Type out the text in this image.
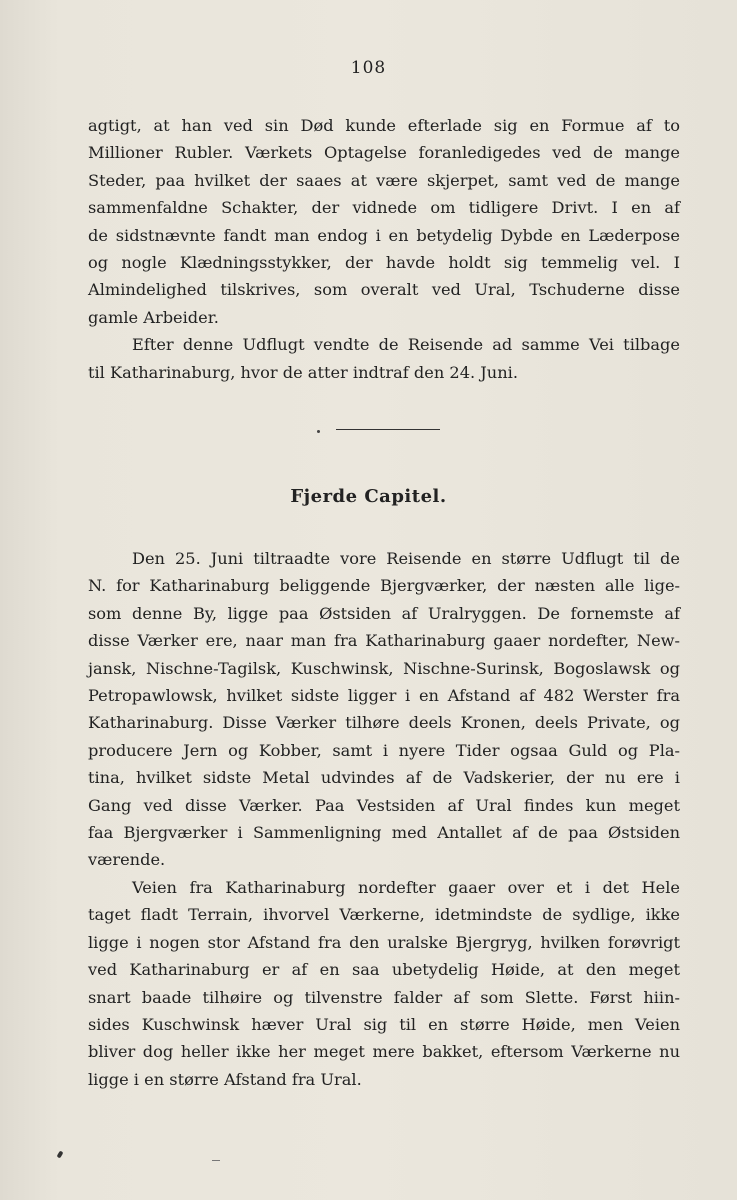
108

agtigt, at han ved sin Død kunde efterlade sig en Formue af to

Millioner Rubler. Værkets Optagelse foranledigedes ved de mange

Steder, paa hvilket der saaes at være skjerpet, samt ved de mange

sammenfaldne Schakter, der vidnede om tidligere Drivt. I en af

de sidstnævnte fandt man endog i en betydelig Dybde en Læderpose

og nogle Klædningsstykker, der havde holdt sig temmelig vel. I

Almindelighed tilskrives, som overalt ved Ural, Tschuderne disse

gamle Arbeider.

Efter denne Udflugt vendte de Reisende ad samme Vei tilbage

til Katharinaburg, hvor de atter indtraf den 24. Juni.

Fjerde Capitel.

Den 25. Juni tiltraadte vore Reisende en større Udflugt til de

N. for Katharinaburg beliggende Bjergværker, der næsten alle lige-

som denne By, ligge paa Østsiden af Uralryggen. De fornemste af

disse Værker ere, naar man fra Katharinaburg gaaer nordefter, New-

jansk, Nischne-Tagilsk, Kuschwinsk, Nischne-Surinsk, Bogoslawsk og

Petropawlowsk, hvilket sidste ligger i en Afstand af 482 Werster fra

Katharinaburg. Disse Værker tilhøre deels Kronen, deels Private, og

producere Jern og Kobber, samt i nyere Tider ogsaa Guld og Pla-

tina, hvilket sidste Metal udvindes af de Vadskerier, der nu ere i

Gang ved disse Værker. Paa Vestsiden af Ural findes kun meget

faa Bjergværker i Sammenligning med Antallet af de paa Østsiden

værende.

Veien fra Katharinaburg nordefter gaaer over et i det Hele

taget fladt Terrain, ihvorvel Værkerne, idetmindste de sydlige, ikke

ligge i nogen stor Afstand fra den uralske Bjergryg, hvilken forøvrigt

ved Katharinaburg er af en saa ubetydelig Høide, at den meget

snart baade tilhøire og tilvenstre falder af som Slette. Først hiin-

sides Kuschwinsk hæver Ural sig til en større Høide, men Veien

bliver dog heller ikke her meget mere bakket, eftersom Værkerne nu

ligge i en større Afstand fra Ural.
